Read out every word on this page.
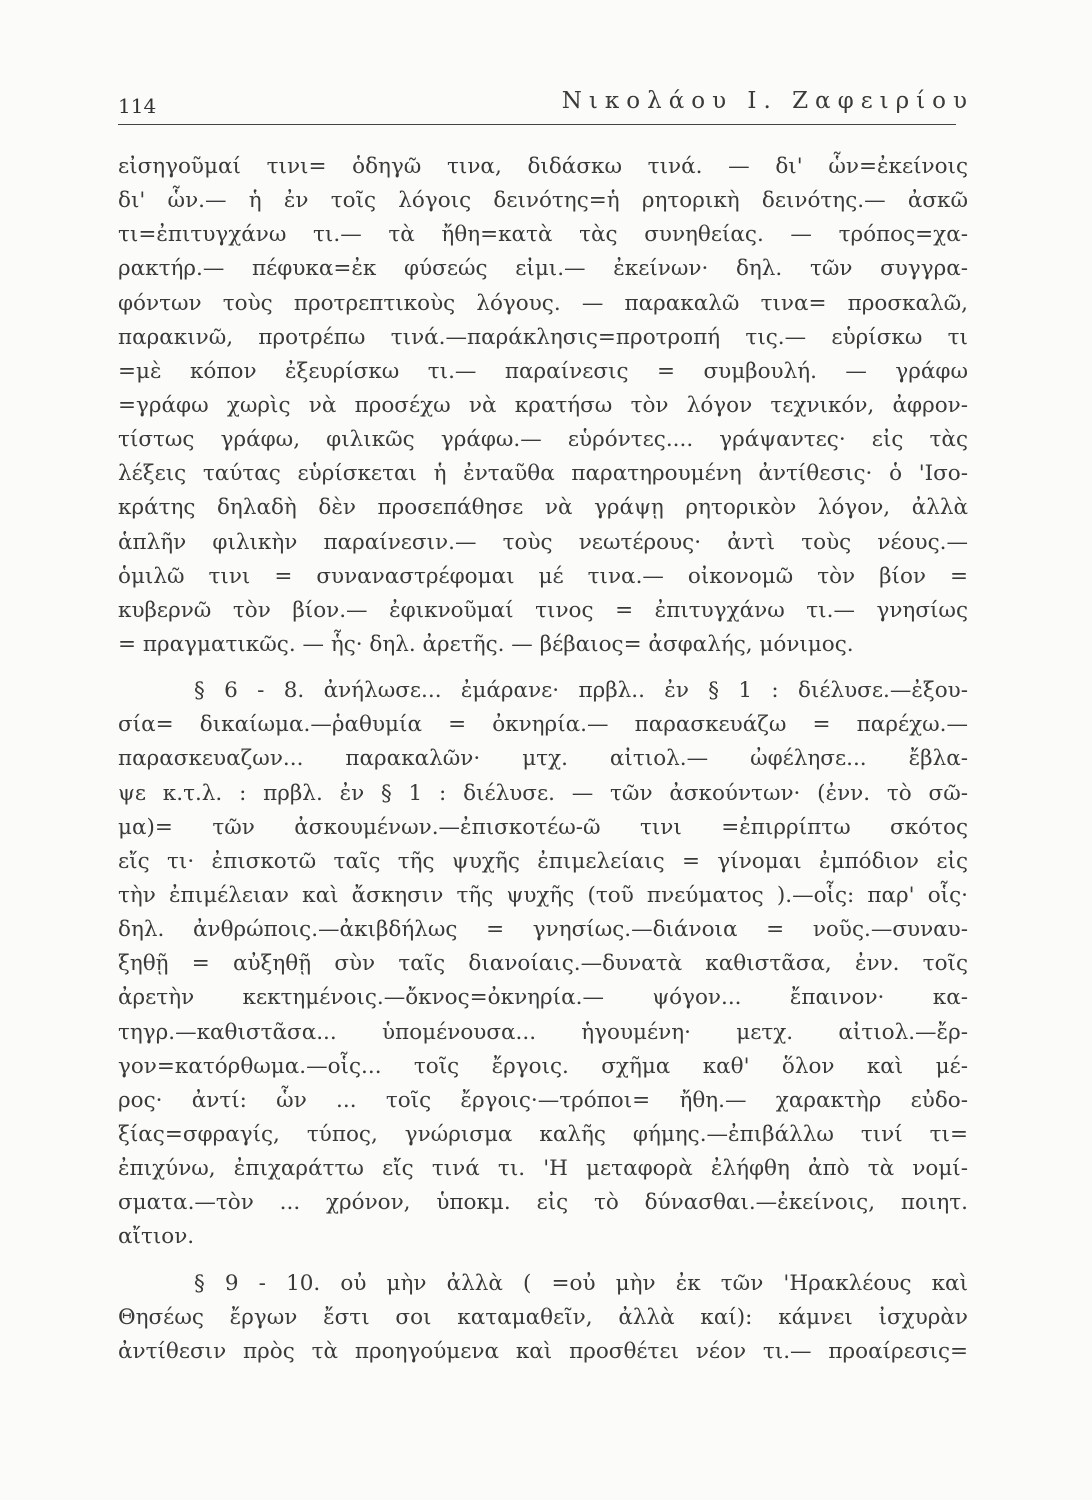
114	Νικολάου Ι. Ζαφειρίου
εἰσηγοῦμαί τινι= ὁδηγῶ τινα, διδάσκω τινά. — δι' ὧν=ἐκείνοις
δι' ὧν.— ἡ ἐν τοῖς λόγοις δεινότης=ἡ ρητορικὴ δεινότης.— ἀσκῶ
τι=ἐπιτυγχάνω τι.— τὰ ἤθη=κατὰ τὰς συνηθείας. — τρόπος=χα-
ρακτήρ.— πέφυκα=ἐκ φύσεώς εἰμι.— ἐκείνων· δηλ. τῶν συγγρα-
φόντων τοὺς προτρεπτικοὺς λόγους. — παρακαλῶ τινα= προσκαλῶ,
παρακινῶ, προτρέπω τινά.—παράκλησις=προτροπή τις.— εὑρίσκω τι
=μὲ κόπον ἐξευρίσκω τι.— παραίνεσις = συμβουλή. — γράφω
=γράφω χωρὶς νὰ προσέχω νὰ κρατήσω τὸν λόγον τεχνικόν, ἀφρον-
τίστως γράφω, φιλικῶς γράφω.— εὑρόντες.... γράψαντες· εἰς τὰς
λέξεις ταύτας εὑρίσκεται ἡ ἐνταῦθα παρατηρουμένη ἀντίθεσις· ὁ 'Ισο-
κράτης δηλαδὴ δὲν προσεπάθησε νὰ γράψῃ ρητορικὸν λόγον, ἀλλὰ
ἁπλῆν φιλικὴν παραίνεσιν.— τοὺς νεωτέρους· ἀντὶ τοὺς νέους.—
ὁμιλῶ τινι = συναναστρέφομαι μέ τινα.— οἰκονομῶ τὸν βίον =
κυβερνῶ τὸν βίον.— ἐφικνοῦμαί τινος = ἐπιτυγχάνω τι.— γνησίως
= πραγματικῶς. — ἧς· δηλ. ἀρετῆς. — βέβαιος= ἀσφαλής, μόνιμος.
§ 6 - 8. ἀνήλωσε... ἐμάρανε· πρβλ.. ἐν § 1 : διέλυσε.—ἐξου-
σία= δικαίωμα.—ῥαθυμία = ὀκνηρία.— παρασκευάζω = παρέχω.—
παρασκευαζων... παρακαλῶν· μτχ. αἰτιολ.— ὠφέλησε... ἔβλα-
ψε κ.τ.λ. : πρβλ. ἐν § 1 : διέλυσε. — τῶν ἀσκούντων· (ἐνν. τὸ σῶ-
μα)= τῶν ἀσκουμένων.—ἐπισκοτέω-ῶ τινι =ἐπιρρίπτω σκότος
εἴς τι· ἐπισκοτῶ ταῖς τῆς ψυχῆς ἐπιμελείαις = γίνομαι ἐμπόδιον εἰς
τὴν ἐπιμέλειαν καὶ ἄσκησιν τῆς ψυχῆς (τοῦ πνεύματος ).—οἷς: παρ' οἷς·
δηλ. ἀνθρώποις.—ἀκιβδήλως = γνησίως.—διάνοια = νοῦς.—συναυ-
ξηθῇ = αὐξηθῇ σὺν ταῖς διανοίαις.—δυνατὰ καθιστᾶσα, ἐνν. τοῖς
ἀρετὴν κεκτημένοις.—ὄκνος=ὀκνηρία.— ψόγον... ἔπαινον· κα-
τηγρ.—καθιστᾶσα... ὑπομένουσα... ἡγουμένη· μετχ. αἰτιολ.—ἔρ-
γον=κατόρθωμα.—οἷς... τοῖς ἔργοις. σχῆμα καθ' ὅλον καὶ μέ-
ρος· ἀντί: ὧν ... τοῖς ἔργοις·—τρόποι= ἤθη.— χαρακτὴρ εὐδο-
ξίας=σφραγίς, τύπος, γνώρισμα καλῆς φήμης.—ἐπιβάλλω τινί τι=
ἐπιχύνω, ἐπιχαράττω εἴς τινά τι. 'Η μεταφορὰ ἐλήφθη ἀπὸ τὰ νομί-
σματα.—τὸν ... χρόνον, ὑποκμ. εἰς τὸ δύνασθαι.—ἐκείνοις, ποιητ.
αἴτιον.
§ 9 - 10. οὐ μὴν ἀλλὰ ( =οὐ μὴν ἐκ τῶν 'Ηρακλέους καὶ
Θησέως ἔργων ἔστι σοι καταμαθεῖν, ἀλλὰ καί): κάμνει ἰσχυρὰν
ἀντίθεσιν πρὸς τὰ προηγούμενα καὶ προσθέτει νέον τι.— προαίρεσις=
